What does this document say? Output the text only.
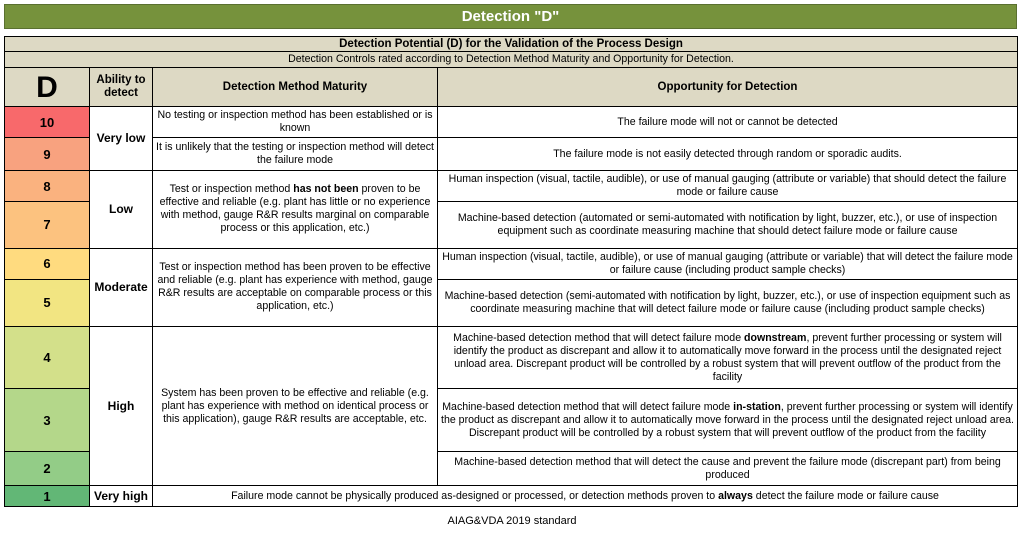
Detection "D"
Detection Potential (D) for the Validation of the Process Design			
Detection Controls rated according to Detection Method Maturity and Opportunity for Detection.			
D	Ability to detect	Detection Method Maturity	Opportunity for Detection
10	Very low	No testing or inspection method has been established or is known	The failure mode will not or cannot be detected
9		It is unlikely that the testing or inspection method will detect the failure mode	The failure mode is not easily detected through random or sporadic audits.
8	Low	Test or inspection method has not been proven to be effective and reliable (e.g. plant has little or no experience with method, gauge R&R results marginal on comparable process or this application, etc.)	Human inspection (visual, tactile, audible), or use of manual gauging (attribute or variable) that should detect the failure mode or failure cause
7			Machine-based detection (automated or semi-automated with notification by light, buzzer, etc.), or use of inspection equipment such as coordinate measuring machine that should detect failure mode or failure cause
6	Moderate	Test or inspection method has been proven to be effective and reliable (e.g. plant has experience with method, gauge R&R results are acceptable on comparable process or this application, etc.)	Human inspection (visual, tactile, audible), or use of manual gauging (attribute or variable) that will detect the failure mode or failure cause (including product sample checks)
5			Machine-based detection (semi-automated with notification by light, buzzer, etc.), or use of inspection equipment such as coordinate measuring machine that will detect failure mode or failure cause (including product sample checks)
4	High	System has been proven to be effective and reliable (e.g. plant has experience with method on identical process or this application), gauge R&R results are acceptable, etc.	Machine-based detection method that will detect failure mode downstream, prevent further processing or system will identify the product as discrepant and allow it to automatically move forward in the process until the designated reject unload area. Discrepant product will be controlled by a robust system that will prevent outflow of the product from the facility
3			Machine-based detection method that will detect failure mode in-station, prevent further processing or system will identify the product as discrepant and allow it to automatically move forward in the process until the designated reject unload area. Discrepant product will be controlled by a robust system that will prevent outflow of the product from the facility
2			Machine-based detection method that will detect the cause and prevent the failure mode (discrepant part) from being produced
1	Very high	Failure mode cannot be physically produced as-designed or processed, or detection methods proven to always detect the failure mode or failure cause	
AIAG&VDA 2019 standard
